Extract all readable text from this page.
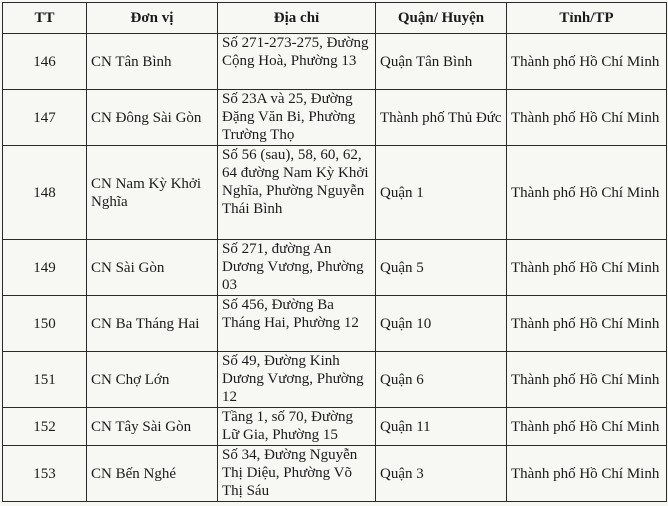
TT	Đơn vị	Địa chỉ	Quận/ Huyện	Tỉnh/TP
146	CN Tân Bình	Số 271-273-275, Đường Cộng Hoà, Phường 13	Quận Tân Bình	Thành phố Hồ Chí Minh
147	CN Đông Sài Gòn	Số 23A và 25, Đường Đặng Văn Bi, Phường Trường Thọ	Thành phố Thủ Đức	Thành phố Hồ Chí Minh
148	CN Nam Kỳ Khởi Nghĩa	Số 56 (sau), 58, 60, 62, 64 đường Nam Kỳ Khởi Nghĩa, Phường Nguyễn Thái Bình	Quận 1	Thành phố Hồ Chí Minh
149	CN Sài Gòn	Số 271, đường An Dương Vương, Phường 03	Quận 5	Thành phố Hồ Chí Minh
150	CN Ba Tháng Hai	Số 456, Đường Ba Tháng Hai, Phường 12	Quận 10	Thành phố Hồ Chí Minh
151	CN Chợ Lớn	Số 49, Đường Kinh Dương Vương, Phường 12	Quận 6	Thành phố Hồ Chí Minh
152	CN Tây Sài Gòn	Tầng 1, số 70, Đường Lữ Gia, Phường 15	Quận 11	Thành phố Hồ Chí Minh
153	CN Bến Nghé	Số 34, Đường Nguyễn Thị Diệu, Phường Võ Thị Sáu	Quận 3	Thành phố Hồ Chí Minh
